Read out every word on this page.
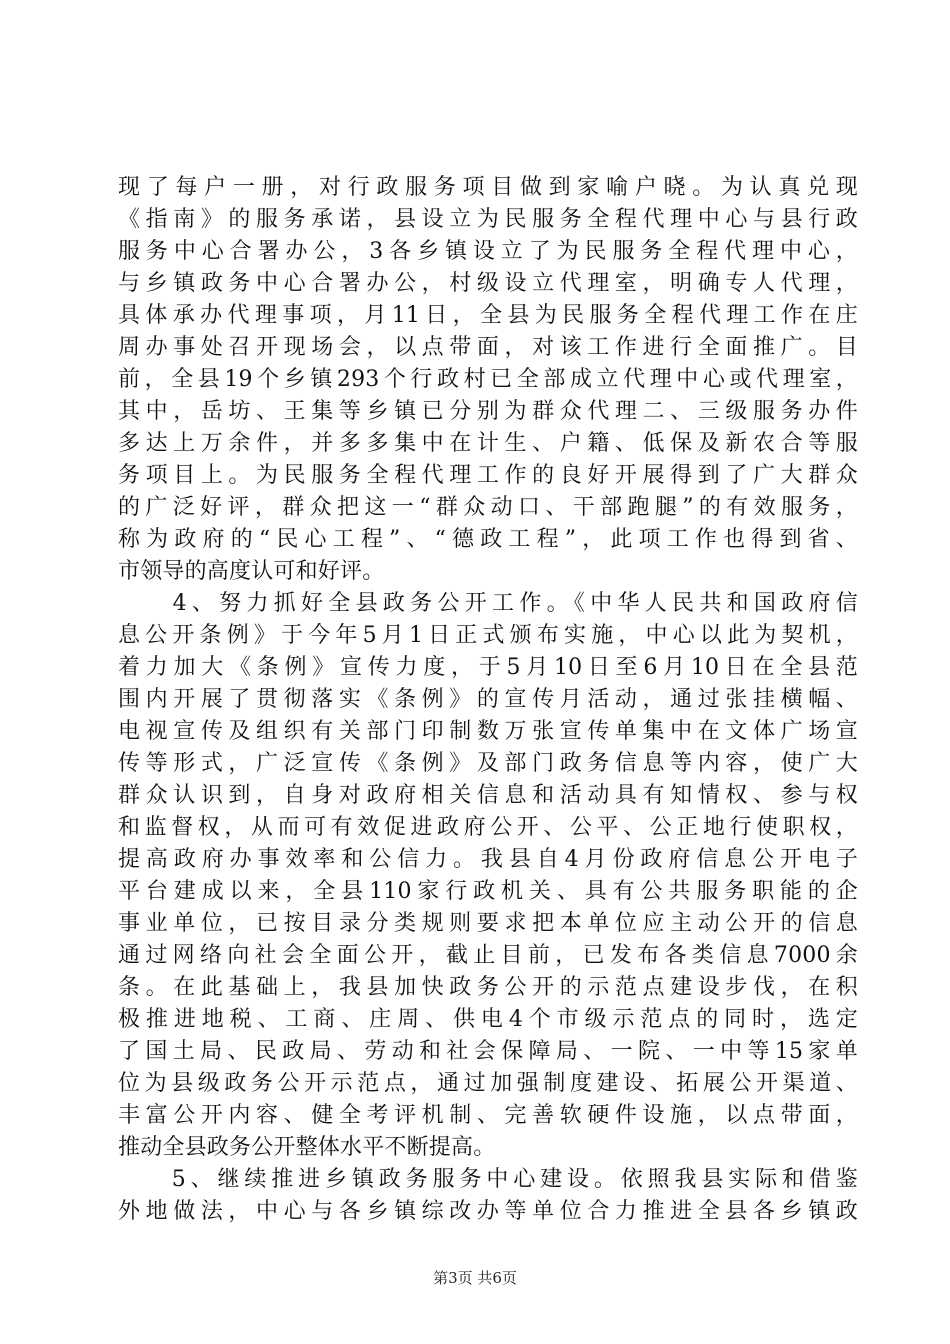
现了每户一册，对行政服务项目做到家喻户晓。为认真兑现
《指南》的服务承诺，县设立为民服务全程代理中心与县行政
服务中心合署办公，3各乡镇设立了为民服务全程代理中心，
与乡镇政务中心合署办公，村级设立代理室，明确专人代理，
具体承办代理事项，月11日，全县为民服务全程代理工作在庄
周办事处召开现场会，以点带面，对该工作进行全面推广。目
前，全县19个乡镇293个行政村已全部成立代理中心或代理室，
其中，岳坊、王集等乡镇已分别为群众代理二、三级服务办件
多达上万余件，并多多集中在计生、户籍、低保及新农合等服
务项目上。为民服务全程代理工作的良好开展得到了广大群众
的广泛好评，群众把这一“群众动口、干部跑腿”的有效服务，
称为政府的“民心工程”、“德政工程”，此项工作也得到省、
市领导的高度认可和好评。
　　4、努力抓好全县政务公开工作。《中华人民共和国政府信
息公开条例》于今年5月1日正式颁布实施，中心以此为契机，
着力加大《条例》宣传力度，于5月10日至6月10日在全县范
围内开展了贯彻落实《条例》的宣传月活动，通过张挂横幅、
电视宣传及组织有关部门印制数万张宣传单集中在文体广场宣
传等形式，广泛宣传《条例》及部门政务信息等内容，使广大
群众认识到，自身对政府相关信息和活动具有知情权、参与权
和监督权，从而可有效促进政府公开、公平、公正地行使职权，
提高政府办事效率和公信力。我县自4月份政府信息公开电子
平台建成以来，全县110家行政机关、具有公共服务职能的企
事业单位，已按目录分类规则要求把本单位应主动公开的信息
通过网络向社会全面公开，截止目前，已发布各类信息7000余
条。在此基础上，我县加快政务公开的示范点建设步伐，在积
极推进地税、工商、庄周、供电4个市级示范点的同时，选定
了国土局、民政局、劳动和社会保障局、一院、一中等15家单
位为县级政务公开示范点，通过加强制度建设、拓展公开渠道、
丰富公开内容、健全考评机制、完善软硬件设施，以点带面，
推动全县政务公开整体水平不断提高。
　　5、继续推进乡镇政务服务中心建设。依照我县实际和借鉴
外地做法，中心与各乡镇综改办等单位合力推进全县各乡镇政
第3页 共6页
